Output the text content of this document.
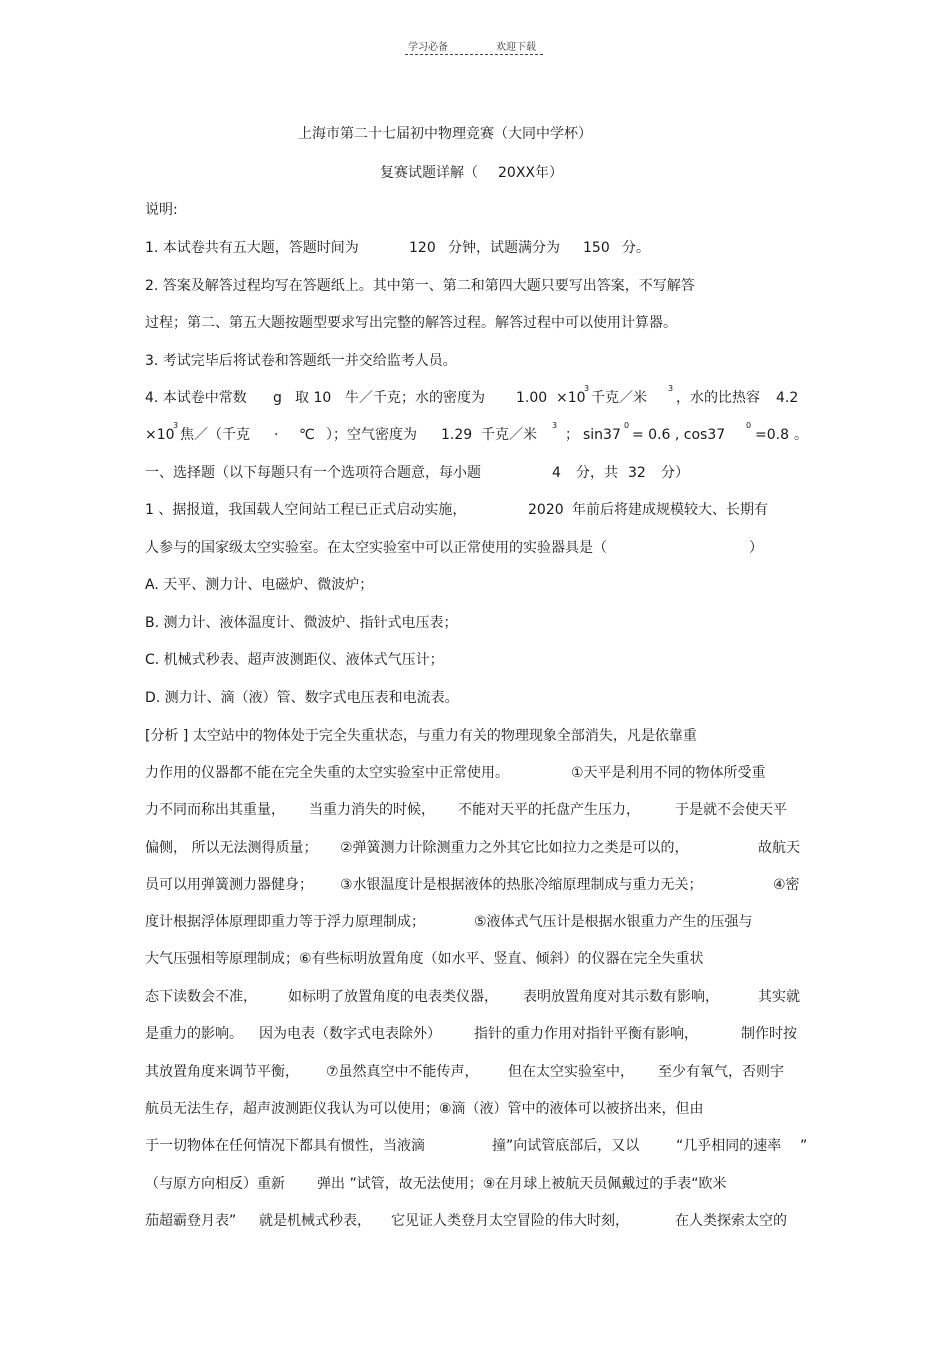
学习必备	欢迎下载
上海市第二十七届初中物理竞赛（大同中学杯）
复赛试题详解（ 20XX年）
说明:
1. 本试卷共有五大题，答题时间为	120 分钟，试题满分为 150 分。
2. 答案及解答过程均写在答题纸上。其中第一、第二和第四大题只要写出答案，不写解答
过程；第二、第五大题按题型要求写出完整的解答过程。解答过程中可以使用计算器。
3. 考试完毕后将试卷和答题纸一并交给监考人员。
4. 本试卷中常数 g 取 10 牛／千克；水的密度为 1.00 ×10
3
千克／米
3
，水的比热容 4.2
×10
3
焦／（千克 · ℃ ）；空气密度为 1.29 千克／米
3
； sin37
0
= 0.6 , cos37
0
=0.8 。
一、选择题（以下每题只有一个选项符合题意，每小题	4 分，共 32 分）
1 、据报道，我国载人空间站工程已正式启动实施，	2020 年前后将建成规模较大、长期有
人参与的国家级太空实验室。在太空实验室中可以正常使用的实验器具是（	）
A. 天平、测力计、电磁炉、微波炉；
B. 测力计、液体温度计、微波炉、指针式电压表；
C. 机械式秒表、超声波测距仪、液体式气压计；
D. 测力计、滴（液）管、数字式电压表和电流表。
[分析 ] 太空站中的物体处于完全失重状态，与重力有关的物理现象全部消失，凡是依靠重
力作用的仪器都不能在完全失重的太空实验室中正常使用。	①天平是利用不同的物体所受重
力不同而称出其重量， 当重力消失的时候， 不能对天平的托盘产生压力，	于是就不会使天平
偏侧， 所以无法测得质量； ②弹簧测力计除测重力之外其它比如拉力之类是可以的，	故航天
员可以用弹簧测力器健身； ③水银温度计是根据液体的热胀冷缩原理制成与重力无关；	④密
度计根据浮体原理即重力等于浮力原理制成；	⑤液体式气压计是根据水银重力产生的压强与
大气压强相等原理制成；⑥有些标明放置角度（如水平、竖直、倾斜）的仪器在完全失重状
态下读数会不准， 如标明了放置角度的电表类仪器， 表明放置角度对其示数有影响，	其实就
是重力的影响。 因为电表（数字式电表除外） 指针的重力作用对指针平衡有影响，	制作时按
其放置角度来调节平衡， ⑦虽然真空中不能传声， 但在太空实验室中， 至少有氧气，否则宇
航员无法生存，超声波测距仪我认为可以使用；⑧滴（液）管中的液体可以被挤出来，但由
于一切物体在任何情况下都具有惯性，当液滴	撞”向试管底部后，又以	“几乎相同的速率 ”
（与原方向相反）重新 弹出 ”试管，故无法使用；⑨在月球上被航天员佩戴过的手表“欧米
茄超霸登月表” 就是机械式秒表， 它见证人类登月太空冒险的伟大时刻，	在人类探索太空的
